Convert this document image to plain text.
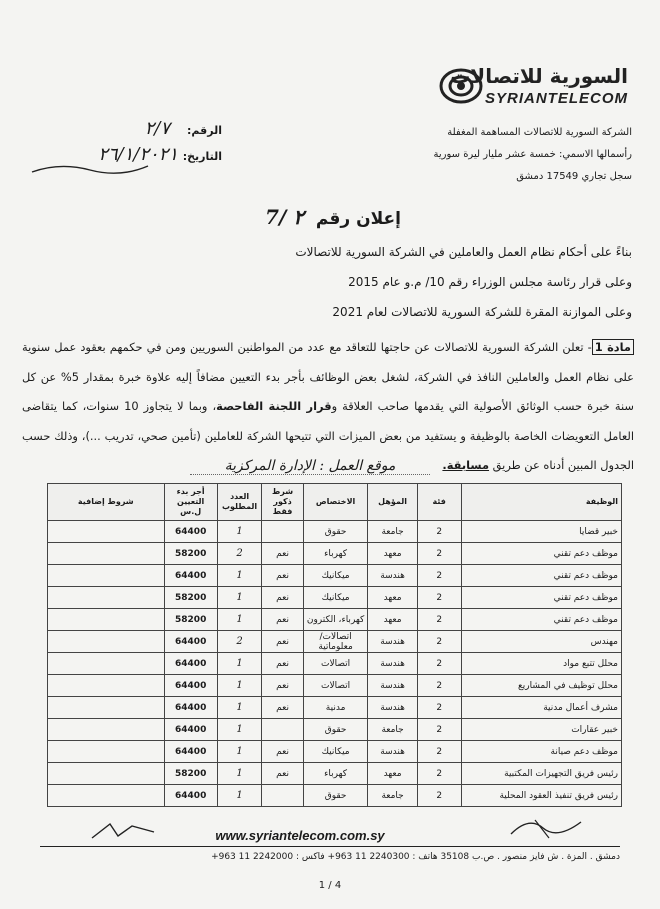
السورية للاتصالات
SYRIANTELECOM
الشركة السورية للاتصالات المساهمة المغفلة
رأسمالها الاسمي: خمسة عشر مليار ليرة سورية
سجل تجاري 17549 دمشق
الرقم:
٢/٧
التاريخ:
٢٦/١/٢٠٢١
إعلان رقم ٢ /7
بناءً على أحكام نظام العمل والعاملين في الشركة السورية للاتصالات
وعلى قرار رئاسة مجلس الوزراء رقم 10/ م.و عام 2015
وعلى الموازنة المقرة للشركة السورية للاتصالات لعام 2021
مادة 1- تعلن الشركة السورية للاتصالات عن حاجتها للتعاقد مع عدد من المواطنين السوريين ومن في حكمهم بعقود عمل سنوية على نظام العمل والعاملين النافذ في الشركة، لشغل بعض الوظائف بأجر بدء التعيين مضافاً إليه علاوة خبرة بمقدار 5% عن كل سنة خبرة حسب الوثائق الأصولية التي يقدمها صاحب العلاقة وقرار اللجنة الفاحصة، وبما لا يتجاوز 10 سنوات، كما يتقاضى العامل التعويضات الخاصة بالوظيفة و يستفيد من بعض الميزات التي تتيحها الشركة للعاملين (تأمين صحي، تدريب ...)، وذلك حسب الجدول المبين أدناه عن طريق مسابقة.
موقع العمل : الإدارة المركزية
الوظيفة	فئة	المؤهل	الاختصاص	شرط ذكور فقط	العدد المطلوب	أجر بدء التعيين ل.س	شروط إضافية
خبير قضايا	2	جامعة	حقوق		1	64400	
موظف دعم تقني	2	معهد	كهرباء	نعم	2	58200	
موظف دعم تقني	2	هندسة	ميكانيك	نعم	1	64400	
موظف دعم تقني	2	معهد	ميكانيك	نعم	1	58200	
موظف دعم تقني	2	معهد	كهرباء، الكترون	نعم	1	58200	
مهندس	2	هندسة	اتصالات/معلوماتية	نعم	2	64400	
محلل تتبع مواد	2	هندسة	اتصالات	نعم	1	64400	
محلل توظيف في المشاريع	2	هندسة	اتصالات	نعم	1	64400	
مشرف أعمال مدنية	2	هندسة	مدنية	نعم	1	64400	
خبير عقارات	2	جامعة	حقوق		1	64400	
موظف دعم صيانة	2	هندسة	ميكانيك	نعم	1	64400	
رئيس فريق التجهيزات المكتبية	2	معهد	كهرباء	نعم	1	58200	
رئيس فريق تنفيذ العقود المحلية	2	جامعة	حقوق		1	64400	
www.syriantelecom.com.sy
دمشق . المزة . ش فايز منصور . ص.ب 35108 هاتف : 2240300 11 963+ فاكس : 2242000 11 963+
1 / 4
